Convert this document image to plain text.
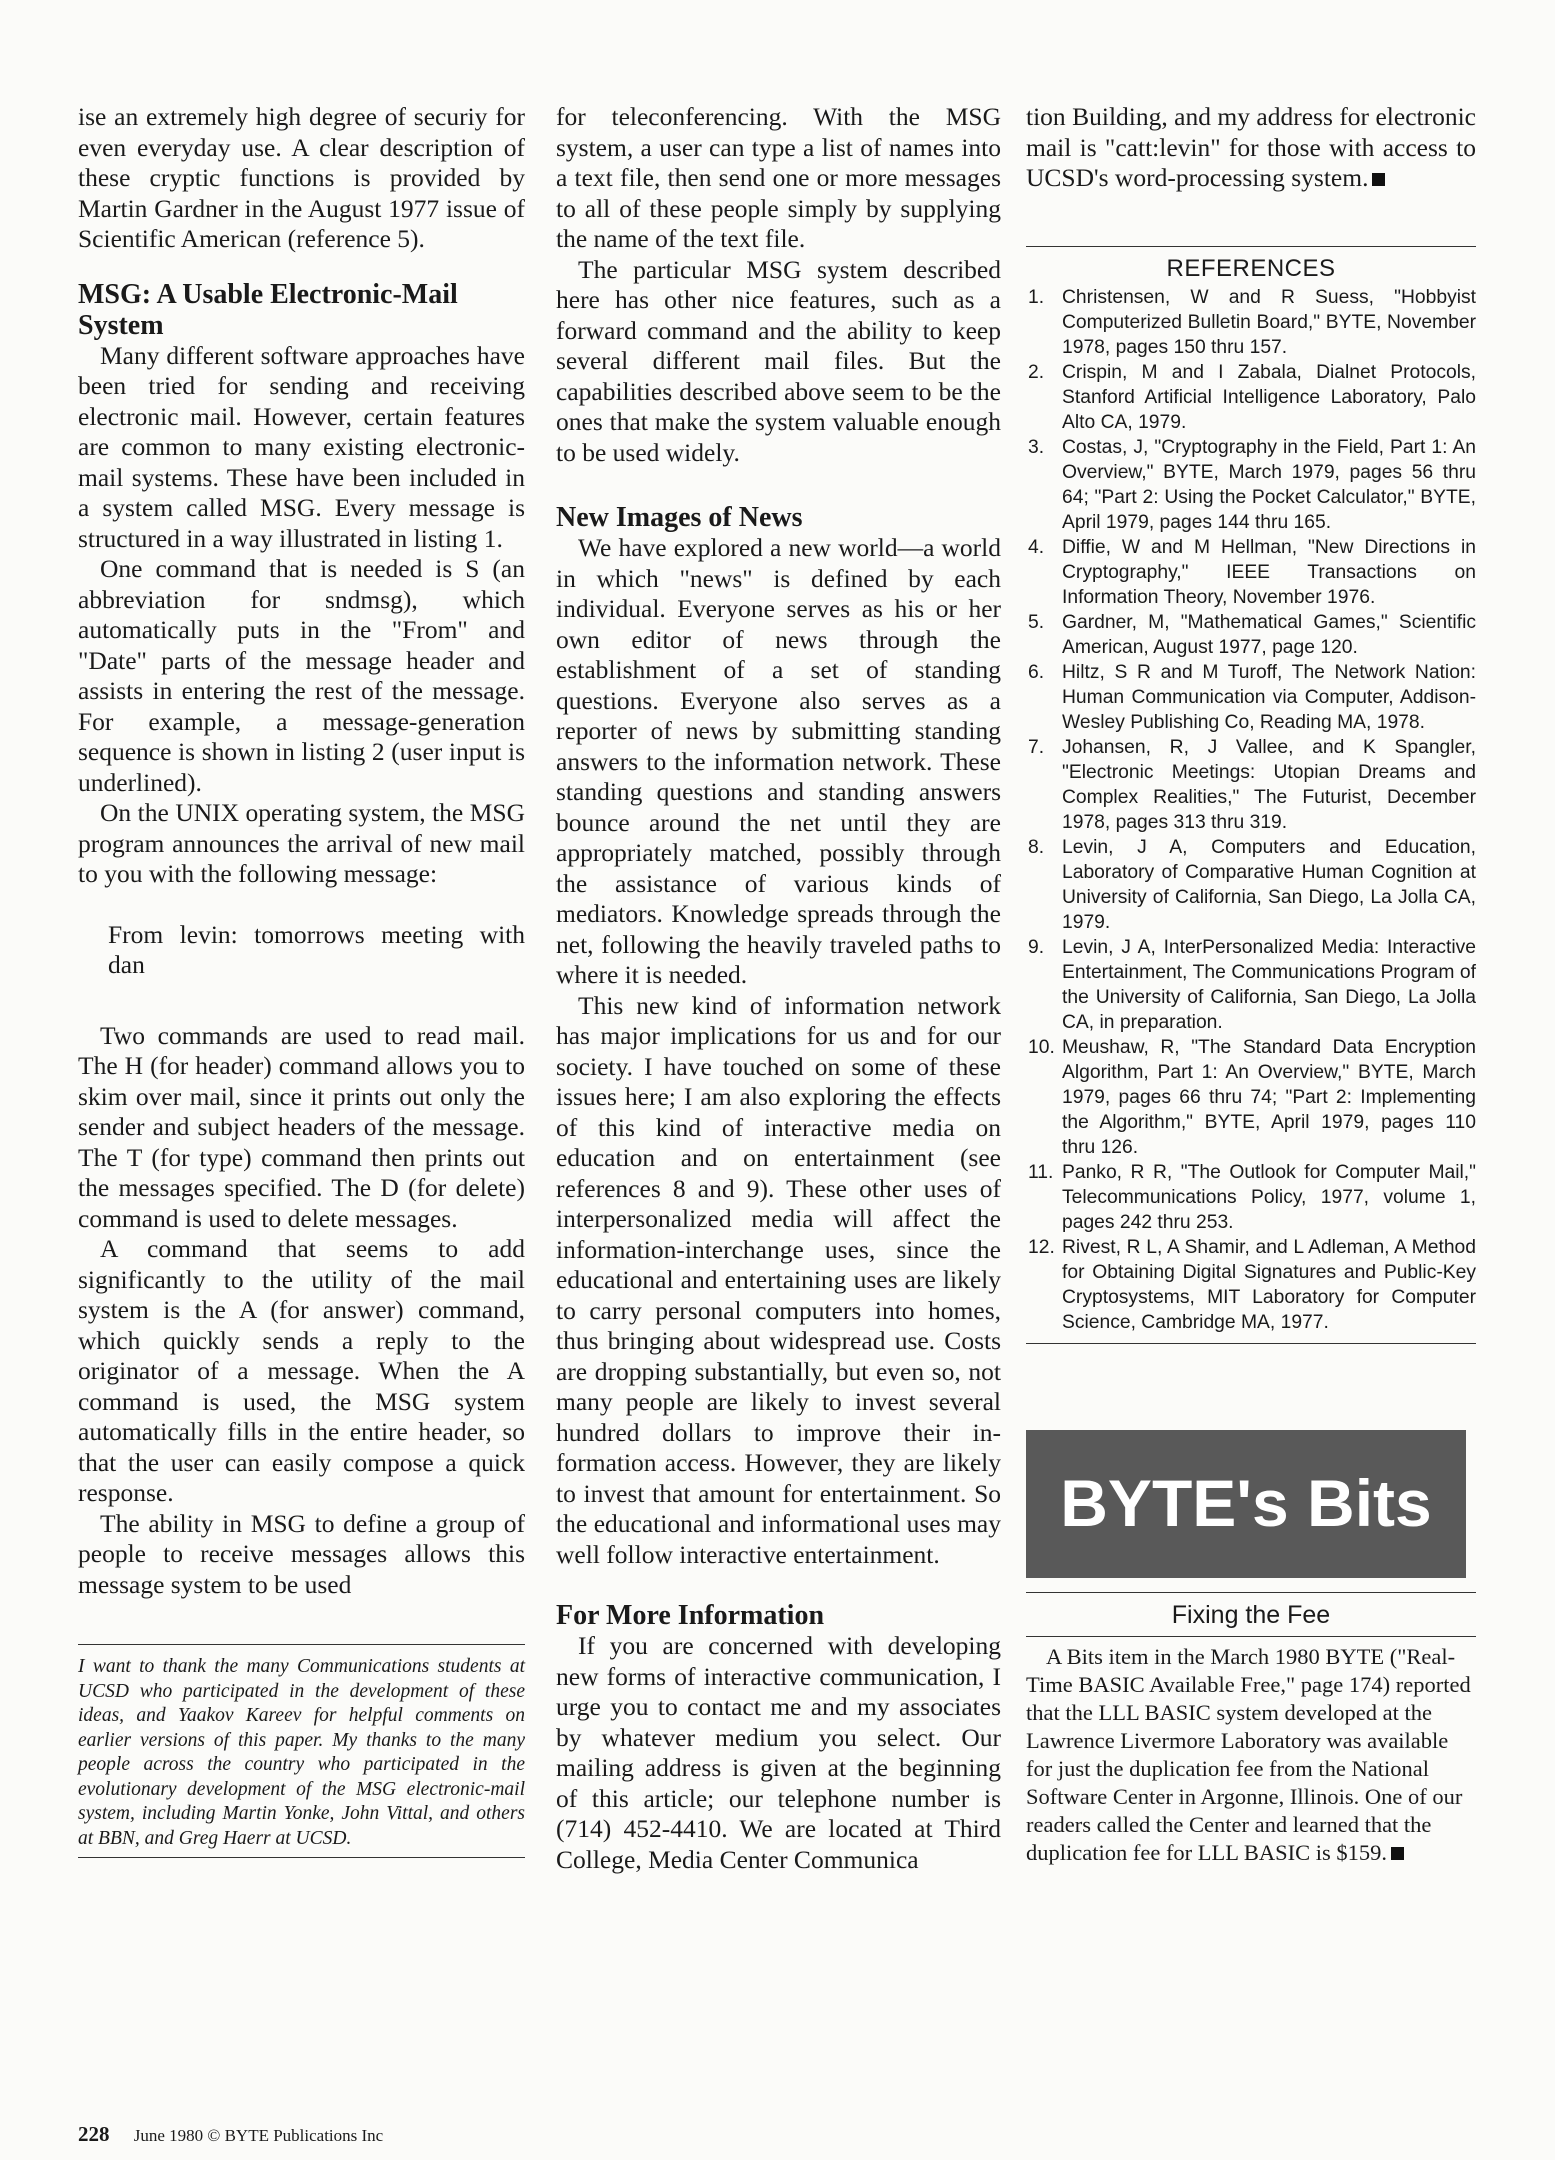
ise an extremely high degree of securiy for even everyday use. A clear description of these cryptic functions is provided by Martin Gardner in the August 1977 issue of Scientific American (reference 5).

MSG: A Usable Electronic-Mail System

Many different software approaches have been tried for sending and receiving electronic mail. However, certain features are common to many existing electronic-mail systems. These have been included in a system called MSG. Every message is structured in a way illustrated in listing 1.

One command that is needed is S (an abbreviation for sndmsg), which automatically puts in the "From" and "Date" parts of the message header and assists in entering the rest of the message. For example, a message-generation sequence is shown in listing 2 (user input is underlined).

On the UNIX operating system, the MSG program announces the arrival of new mail to you with the following message:

From levin: tomorrows meeting with dan

Two commands are used to read mail. The H (for header) command allows you to skim over mail, since it prints out only the sender and subject headers of the message. The T (for type) command then prints out the messages specified. The D (for delete) command is used to delete messages.

A command that seems to add significantly to the utility of the mail system is the A (for answer) command, which quickly sends a reply to the originator of a message. When the A command is used, the MSG system automatically fills in the entire header, so that the user can easily compose a quick response.

The ability in MSG to define a group of people to receive messages allows this message system to be used

I want to thank the many Communications students at UCSD who participated in the development of these ideas, and Yaakov Kareev for helpful comments on earlier versions of this paper. My thanks to the many people across the country who participated in the evolutionary development of the MSG electronic-mail system, including Martin Yonke, John Vittal, and others at BBN, and Greg Haerr at UCSD.

for teleconferencing. With the MSG system, a user can type a list of names into a text file, then send one or more messages to all of these people simply by supplying the name of the text file.

The particular MSG system described here has other nice features, such as a forward command and the ability to keep several different mail files. But the capabilities described above seem to be the ones that make the system valuable enough to be used widely.

New Images of News

We have explored a new world—a world in which "news" is defined by each individual. Everyone serves as his or her own editor of news through the establishment of a set of standing questions. Everyone also serves as a reporter of news by submitting standing answers to the information network. These standing questions and standing answers bounce around the net until they are appropriately matched, possibly through the assistance of various kinds of mediators. Knowledge spreads through the net, following the heavily traveled paths to where it is needed.

This new kind of information network has major implications for us and for our society. I have touched on some of these issues here; I am also exploring the effects of this kind of interactive media on education and on entertainment (see references 8 and 9). These other uses of interpersonalized media will affect the information-interchange uses, since the educational and entertaining uses are likely to carry personal computers into homes, thus bringing about widespread use. Costs are dropping substantially, but even so, not many people are likely to invest several hundred dollars to improve their information access. However, they are likely to invest that amount for entertainment. So the educational and informational uses may well follow interactive entertainment.

For More Information

If you are concerned with developing new forms of interactive communication, I urge you to contact me and my associates by whatever medium you select. Our mailing address is given at the beginning of this article; our telephone number is (714) 452-4410. We are located at Third College, Media Center Communica

tion Building, and my address for electronic mail is "catt:levin" for those with access to UCSD's word-processing system.

REFERENCES
1. Christensen, W and R Suess, "Hobbyist Computerized Bulletin Board," BYTE, November 1978, pages 150 thru 157.
2. Crispin, M and I Zabala, Dialnet Protocols, Stanford Artificial Intelligence Laboratory, Palo Alto CA, 1979.
3. Costas, J, "Cryptography in the Field, Part 1: An Overview," BYTE, March 1979, pages 56 thru 64; "Part 2: Using the Pocket Calculator," BYTE, April 1979, pages 144 thru 165.
4. Diffie, W and M Hellman, "New Directions in Cryptography," IEEE Transactions on Information Theory, November 1976.
5. Gardner, M, "Mathematical Games," Scientific American, August 1977, page 120.
6. Hiltz, S R and M Turoff, The Network Nation: Human Communication via Computer, Addison-Wesley Publishing Co, Reading MA, 1978.
7. Johansen, R, J Vallee, and K Spangler, "Electronic Meetings: Utopian Dreams and Complex Realities," The Futurist, December 1978, pages 313 thru 319.
8. Levin, J A, Computers and Education, Laboratory of Comparative Human Cognition at University of California, San Diego, La Jolla CA, 1979.
9. Levin, J A, InterPersonalized Media: Interactive Entertainment, The Communications Program of the University of California, San Diego, La Jolla CA, in preparation.
10. Meushaw, R, "The Standard Data Encryption Algorithm, Part 1: An Overview," BYTE, March 1979, pages 66 thru 74; "Part 2: Implementing the Algorithm," BYTE, April 1979, pages 110 thru 126.
11. Panko, R R, "The Outlook for Computer Mail," Telecommunications Policy, 1977, volume 1, pages 242 thru 253.
12. Rivest, R L, A Shamir, and L Adleman, A Method for Obtaining Digital Signatures and Public-Key Cryptosystems, MIT Laboratory for Computer Science, Cambridge MA, 1977.
BYTE's Bits
Fixing the Fee

A Bits item in the March 1980 BYTE ("Real-Time BASIC Available Free," page 174) reported that the LLL BASIC system developed at the Lawrence Livermore Laboratory was available for just the duplication fee from the National Software Center in Argonne, Illinois. One of our readers called the Center and learned that the duplication fee for LLL BASIC is $159.

228 June 1980 © BYTE Publications Inc
